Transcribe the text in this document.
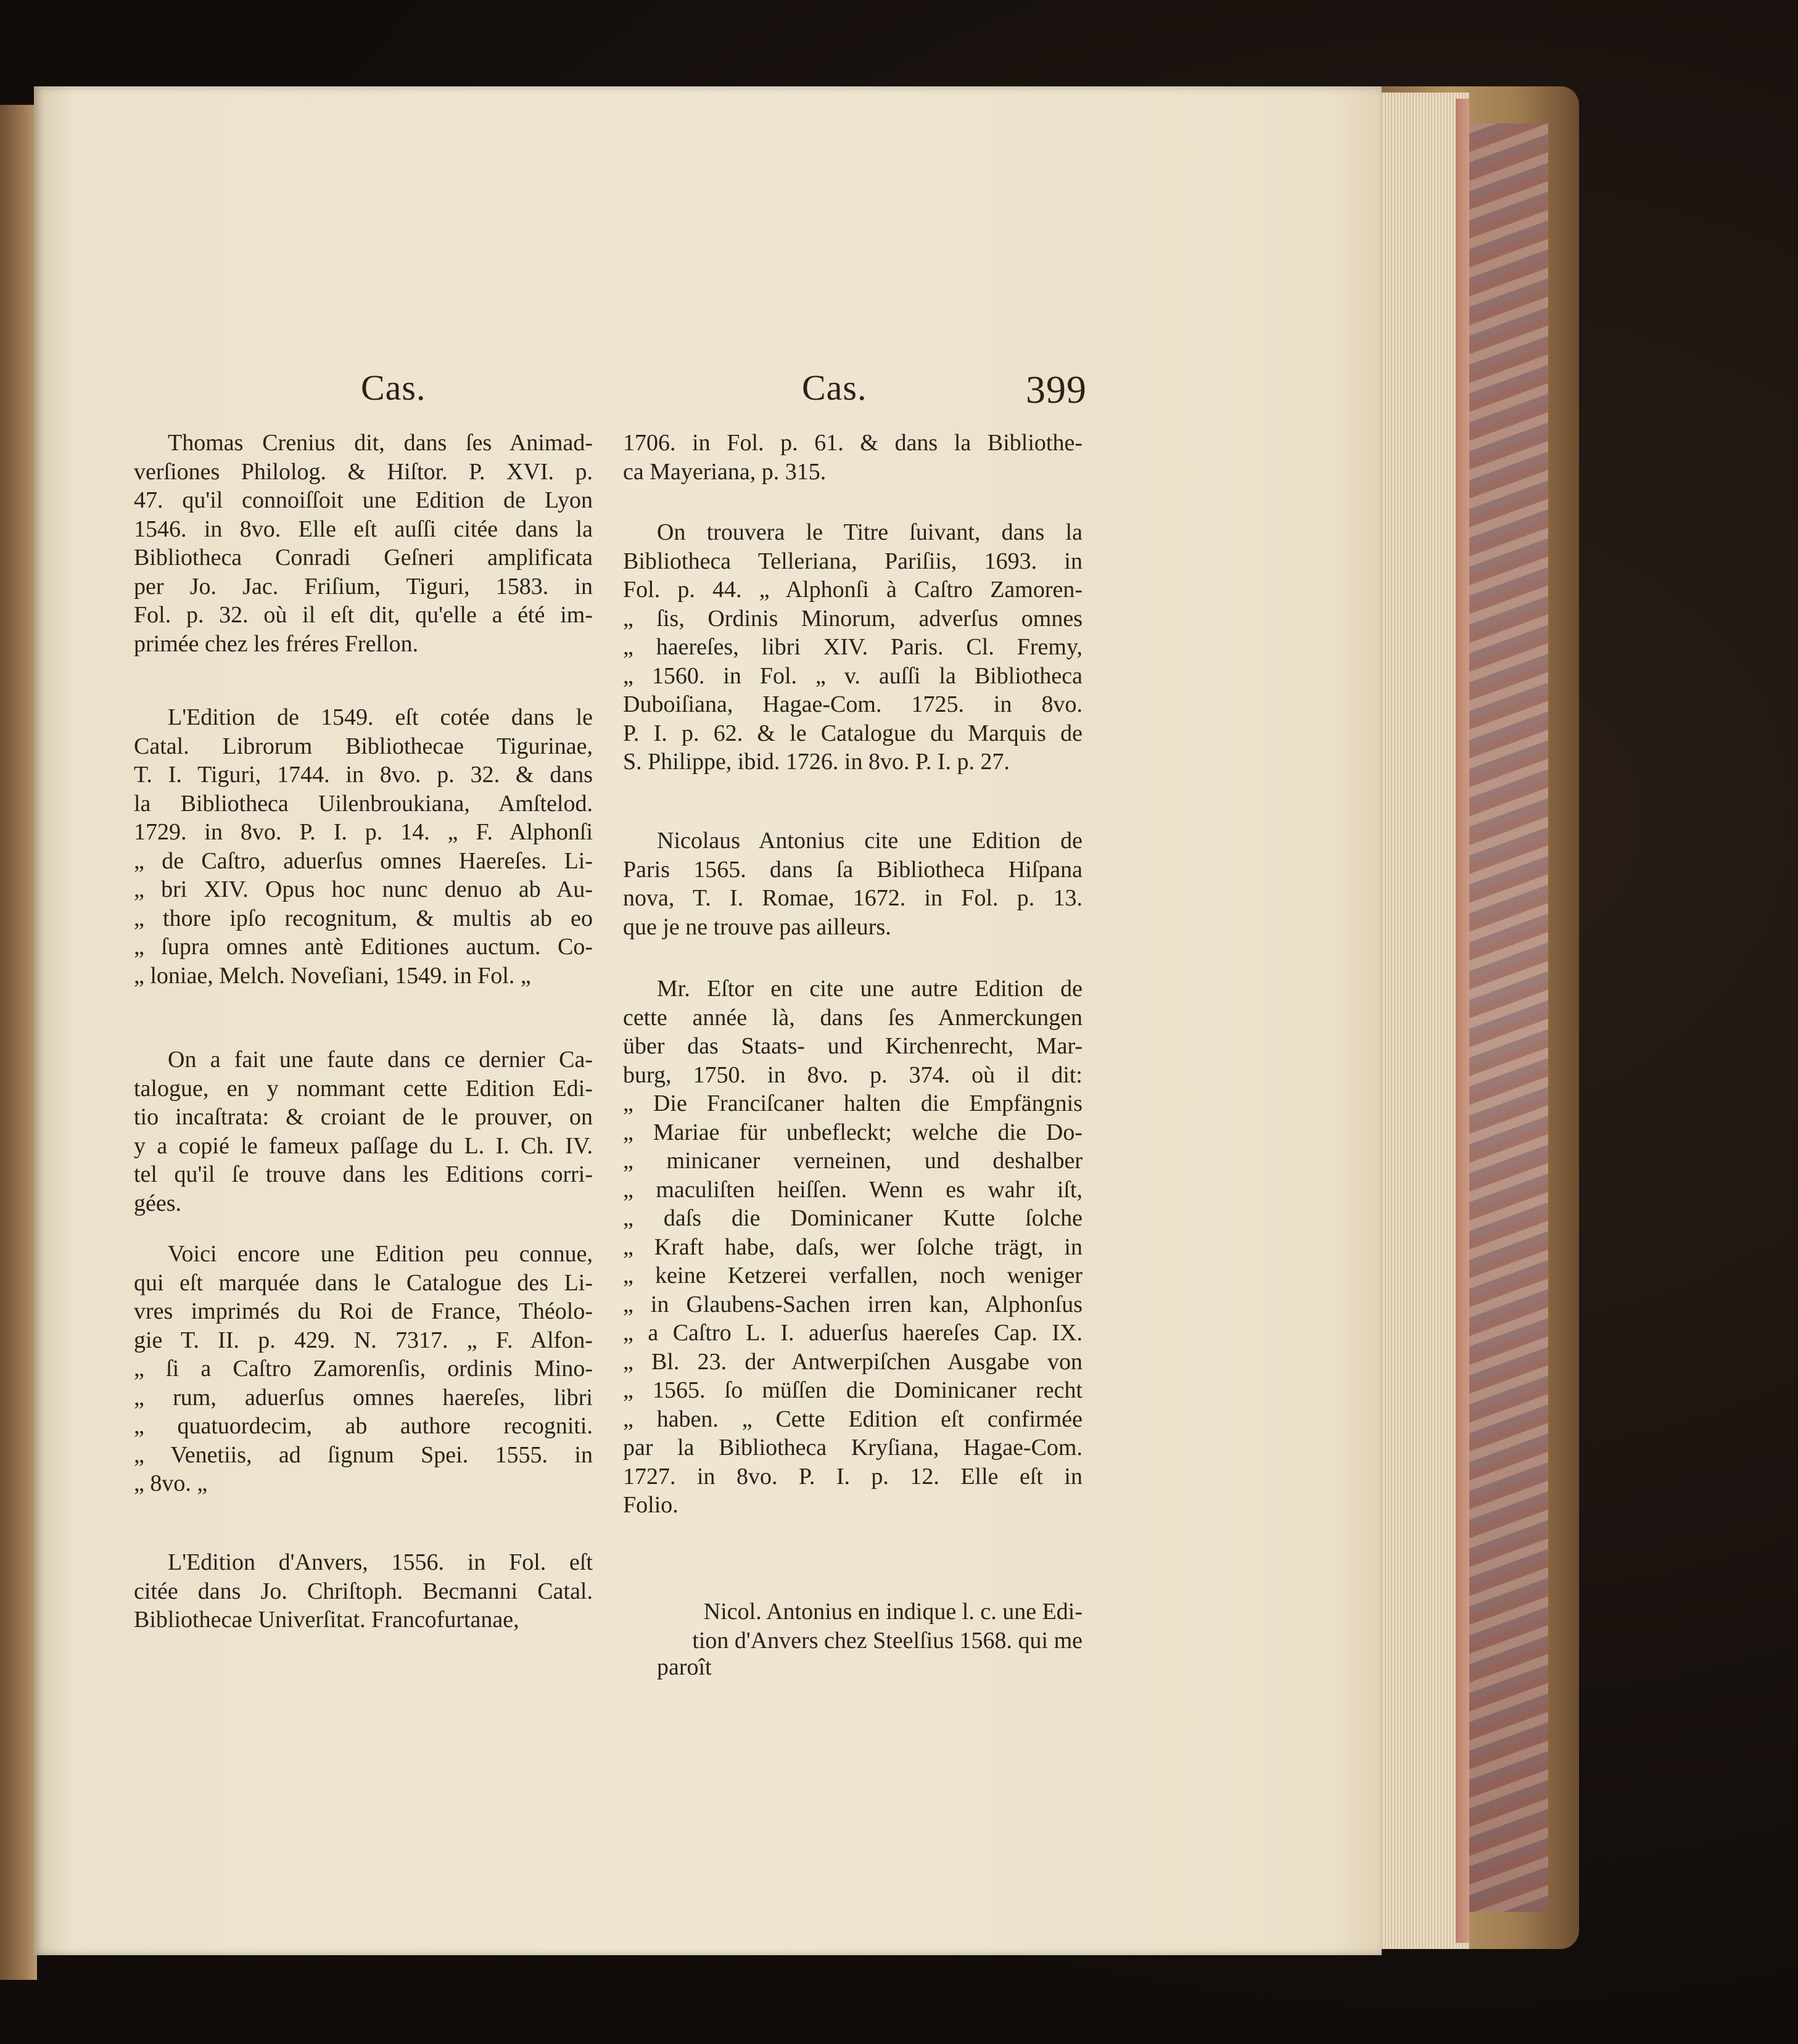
Cas.	Cas.	399
Thomas Crenius dit, dans ſes Animad-
verſiones Philolog. & Hiſtor. P. XVI. p.
47. qu'il connoiſſoit une Edition de Lyon
1546. in 8vo. Elle eſt auſſi citée dans la
Bibliotheca Conradi Geſneri amplificata
per Jo. Jac. Friſium, Tiguri, 1583. in
Fol. p. 32. où il eſt dit, qu'elle a été im-
primée chez les fréres Frellon.
L'Edition de 1549. eſt cotée dans le
Catal. Librorum Bibliothecae Tigurinae,
T. I. Tiguri, 1744. in 8vo. p. 32. & dans
la Bibliotheca Uilenbroukiana, Amſtelod.
1729. in 8vo. P. I. p. 14. „ F. Alphonſi
„ de Caſtro, aduerſus omnes Haereſes. Li-
„ bri XIV. Opus hoc nunc denuo ab Au-
„ thore ipſo recognitum, & multis ab eo
„ ſupra omnes antè Editiones auctum. Co-
„ loniae, Melch. Noveſiani, 1549. in Fol. „
On a fait une faute dans ce dernier Ca-
talogue, en y nommant cette Edition Edi-
tio incaſtrata: & croiant de le prouver, on
y a copié le fameux paſſage du L. I. Ch. IV.
tel qu'il ſe trouve dans les Editions corri-
gées.
Voici encore une Edition peu connue,
qui eſt marquée dans le Catalogue des Li-
vres imprimés du Roi de France, Théolo-
gie T. II. p. 429. N. 7317. „ F. Alfon-
„ ſi a Caſtro Zamorenſis, ordinis Mino-
„ rum, aduerſus omnes haereſes, libri
„ quatuordecim, ab authore recogniti.
„ Venetiis, ad ſignum Spei. 1555. in
„ 8vo. „
L'Edition d'Anvers, 1556. in Fol. eſt
citée dans Jo. Chriſtoph. Becmanni Catal.
Bibliothecae Univerſitat. Francofurtanae,
1706. in Fol. p. 61. & dans la Bibliothe-
ca Mayeriana, p. 315.
On trouvera le Titre ſuivant, dans la
Bibliotheca Telleriana, Pariſiis, 1693. in
Fol. p. 44. „ Alphonſi à Caſtro Zamoren-
„ ſis, Ordinis Minorum, adverſus omnes
„ haereſes, libri XIV. Paris. Cl. Fremy,
„ 1560. in Fol. „ v. auſſi la Bibliotheca
Duboiſiana, Hagae-Com. 1725. in 8vo.
P. I. p. 62. & le Catalogue du Marquis de
S. Philippe, ibid. 1726. in 8vo. P. I. p. 27.
Nicolaus Antonius cite une Edition de
Paris 1565. dans ſa Bibliotheca Hiſpana
nova, T. I. Romae, 1672. in Fol. p. 13.
que je ne trouve pas ailleurs.
Mr. Eſtor en cite une autre Edition de
cette année là, dans ſes Anmerckungen
über das Staats- und Kirchenrecht, Mar-
burg, 1750. in 8vo. p. 374. où il dit:
„ Die Franciſcaner halten die Empfängnis
„ Mariae für unbefleckt; welche die Do-
„ minicaner verneinen, und deshalber
„ maculiſten heiſſen. Wenn es wahr iſt,
„ daſs die Dominicaner Kutte ſolche
„ Kraft habe, daſs, wer ſolche trägt, in
„ keine Ketzerei verfallen, noch weniger
„ in Glaubens-Sachen irren kan, Alphonſus
„ a Caſtro L. I. aduerſus haereſes Cap. IX.
„ Bl. 23. der Antwerpiſchen Ausgabe von
„ 1565. ſo müſſen die Dominicaner recht
„ haben. „ Cette Edition eſt confirmée
par la Bibliotheca Kryſiana, Hagae-Com.
1727. in 8vo. P. I. p. 12. Elle eſt in
Folio.
Nicol. Antonius en indique l. c. une Edi-
tion d'Anvers chez Steelſius 1568. qui me
paroît
